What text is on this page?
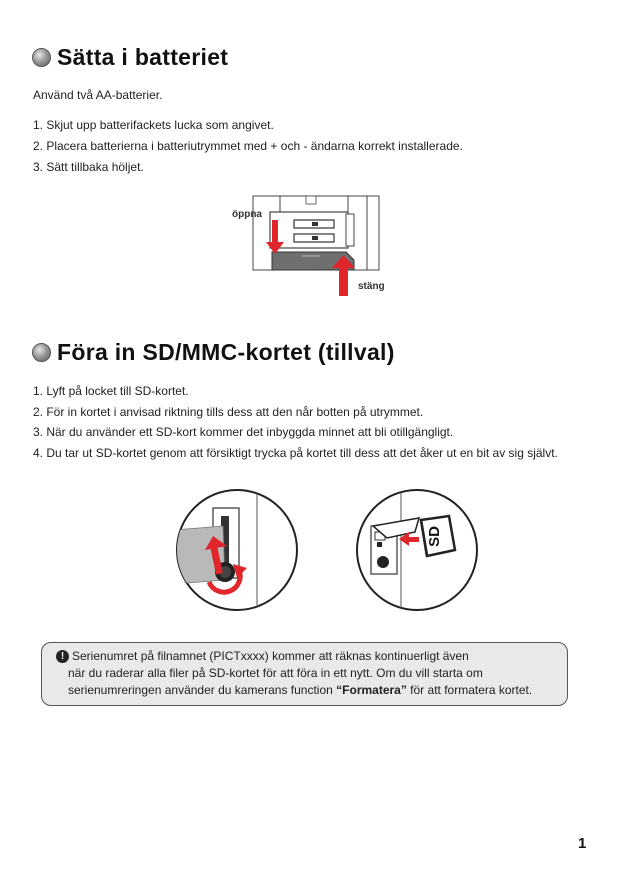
Sätta i batteriet
Använd två AA-batterier.
1. Skjut upp batterifackets lucka som angivet.
2. Placera batterierna i batteriutrymmet med + och - ändarna korrekt installerade.
3. Sätt tillbaka höljet.
öppna
stäng
Föra in SD/MMC-kortet (tillval)
1. Lyft på locket till SD-kortet.
2. För in kortet i anvisad riktning tills dess att den når botten på utrymmet.
3. När du använder ett SD-kort kommer det inbyggda minnet att bli otillgängligt.
4. Du tar ut SD-kortet genom att försiktigt trycka på kortet till dess att det åker ut en bit av sig självt.
SD
! Serienumret på filnamnet (PICTxxxx) kommer att räknas kontinuerligt även
när du raderar alla filer på SD-kortet för att föra in ett nytt. Om du vill starta om
serienumreringen använder du kamerans function “Formatera” för att formatera kortet.
1
